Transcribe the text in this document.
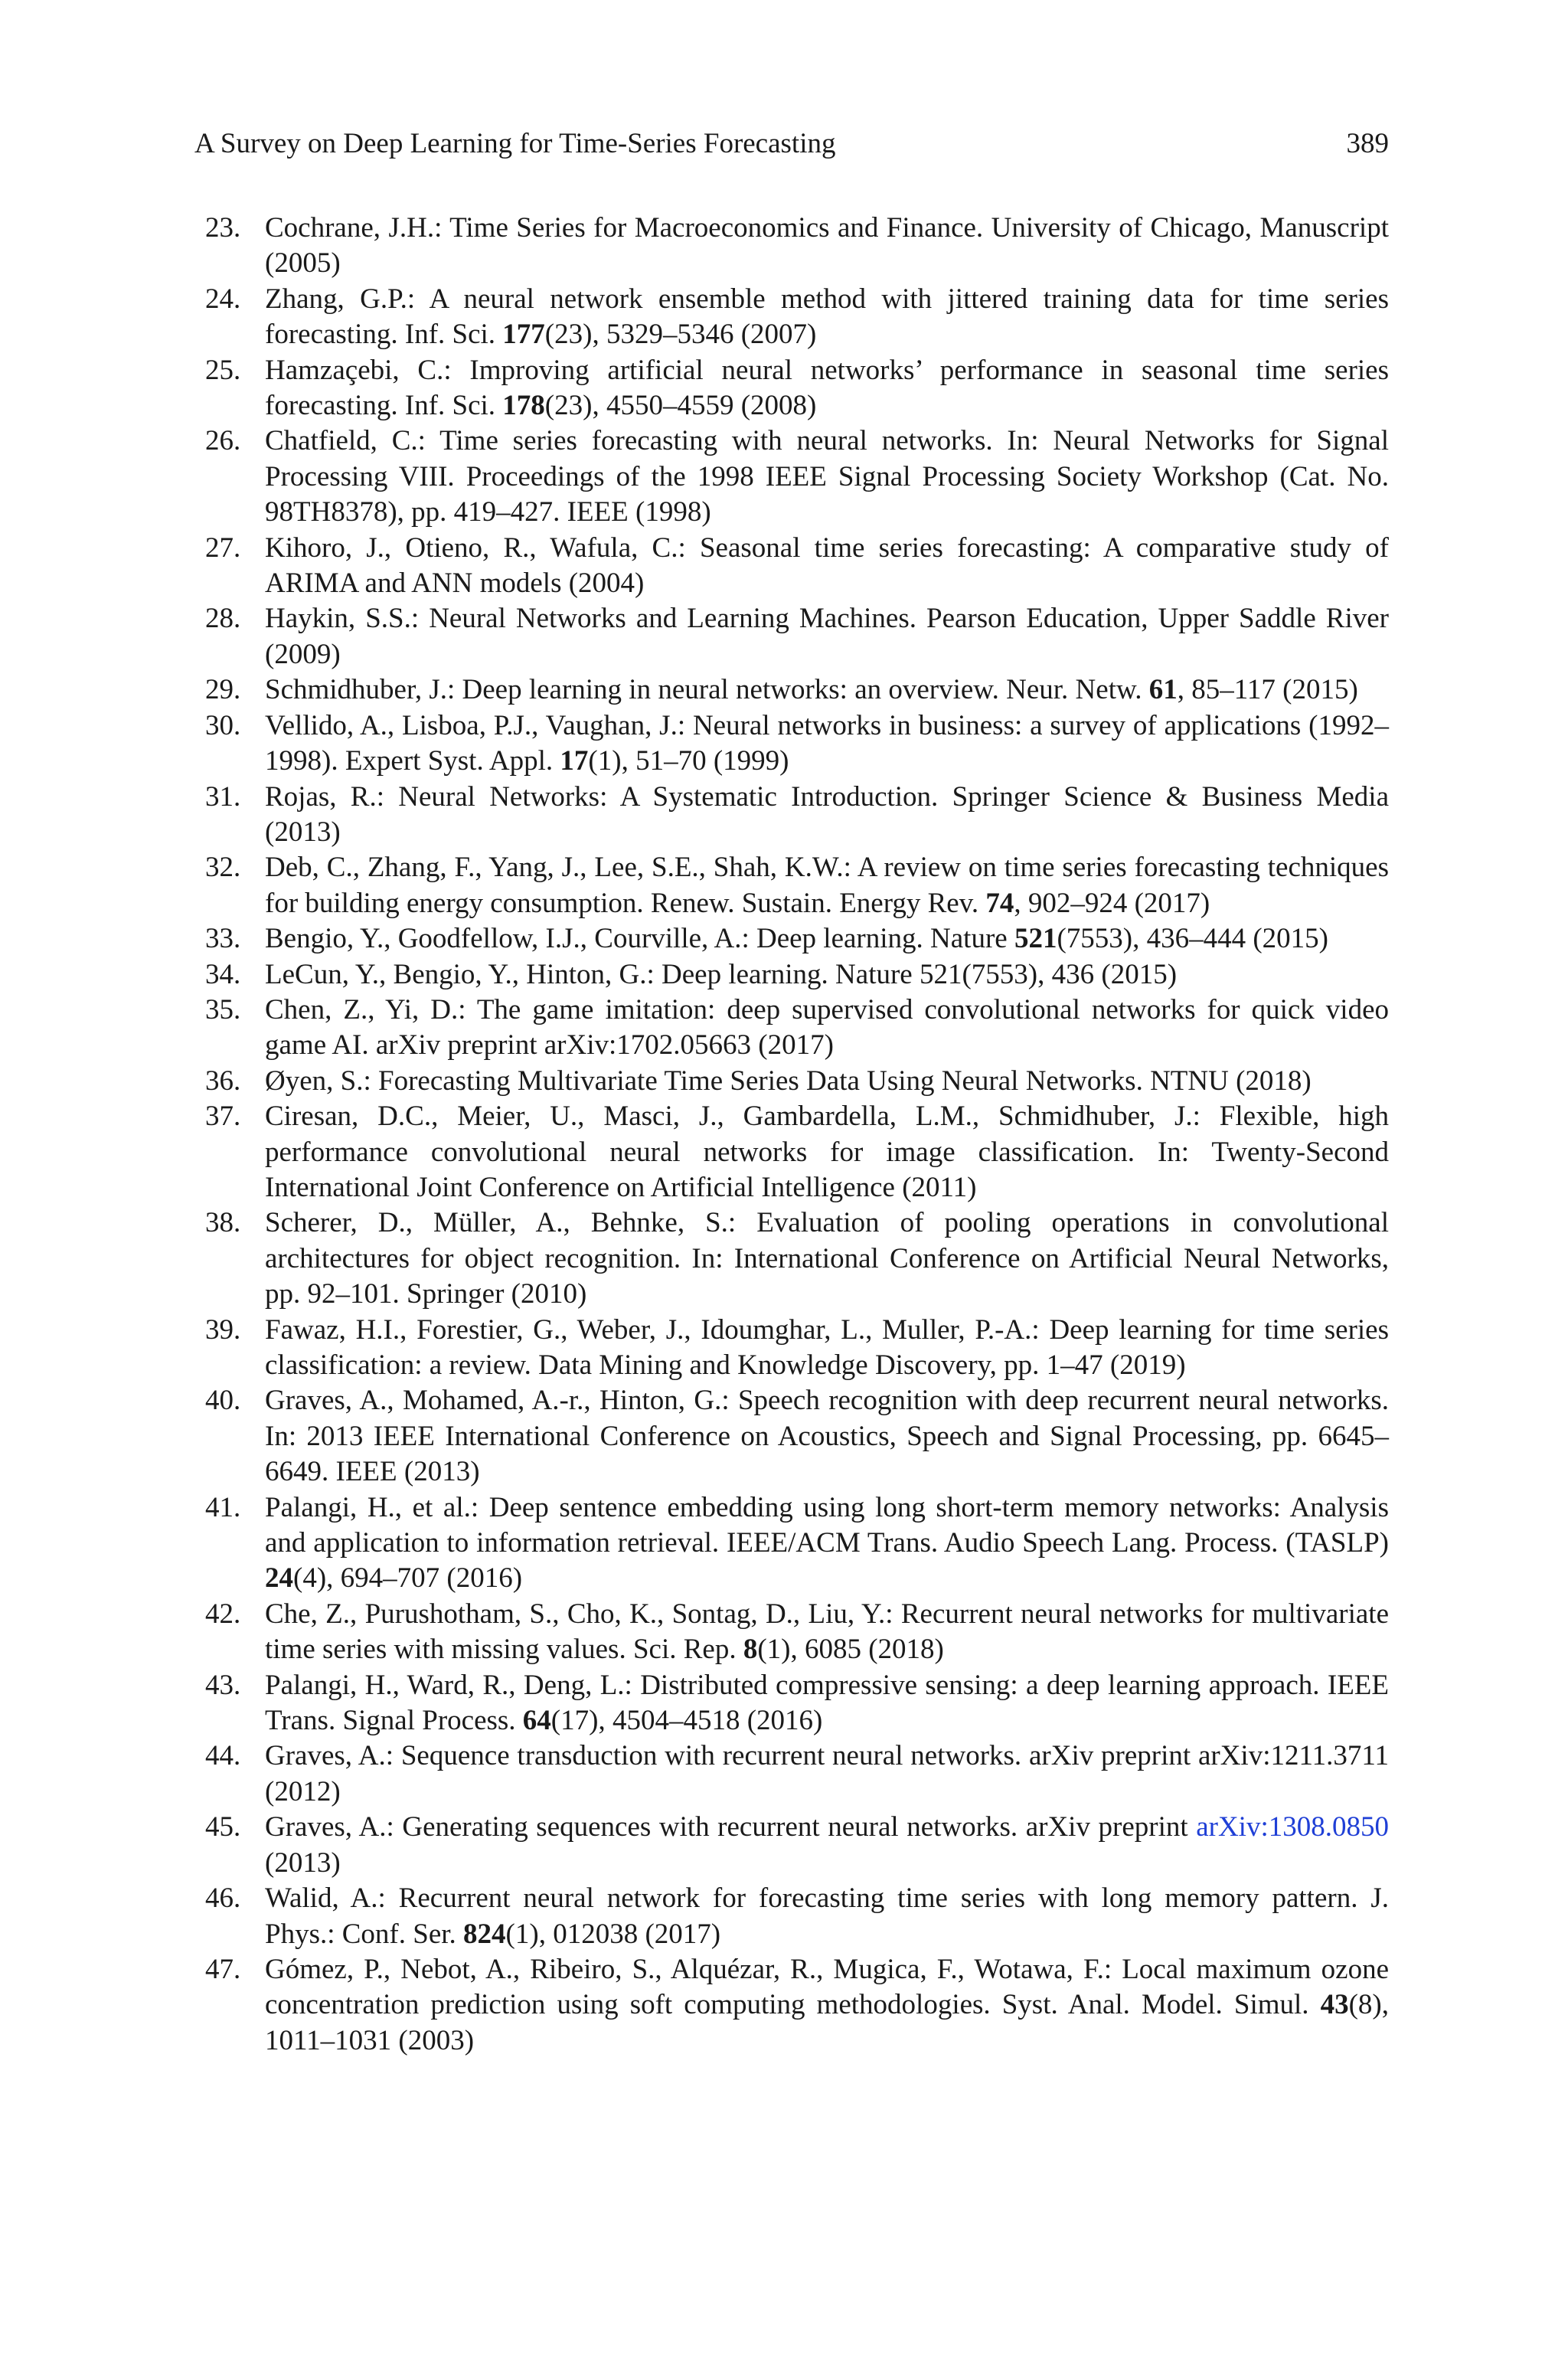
A Survey on Deep Learning for Time-Series Forecasting	389
23. Cochrane, J.H.: Time Series for Macroeconomics and Finance. University of Chicago, Manuscript (2005)
24. Zhang, G.P.: A neural network ensemble method with jittered training data for time series forecasting. Inf. Sci. 177(23), 5329–5346 (2007)
25. Hamzaçebi, C.: Improving artificial neural networks’ performance in seasonal time series forecasting. Inf. Sci. 178(23), 4550–4559 (2008)
26. Chatfield, C.: Time series forecasting with neural networks. In: Neural Networks for Signal Processing VIII. Proceedings of the 1998 IEEE Signal Processing Society Workshop (Cat. No. 98TH8378), pp. 419–427. IEEE (1998)
27. Kihoro, J., Otieno, R., Wafula, C.: Seasonal time series forecasting: A comparative study of ARIMA and ANN models (2004)
28. Haykin, S.S.: Neural Networks and Learning Machines. Pearson Education, Upper Saddle River (2009)
29. Schmidhuber, J.: Deep learning in neural networks: an overview. Neur. Netw. 61, 85–117 (2015)
30. Vellido, A., Lisboa, P.J., Vaughan, J.: Neural networks in business: a survey of applications (1992–1998). Expert Syst. Appl. 17(1), 51–70 (1999)
31. Rojas, R.: Neural Networks: A Systematic Introduction. Springer Science & Business Media (2013)
32. Deb, C., Zhang, F., Yang, J., Lee, S.E., Shah, K.W.: A review on time series forecasting techniques for building energy consumption. Renew. Sustain. Energy Rev. 74, 902–924 (2017)
33. Bengio, Y., Goodfellow, I.J., Courville, A.: Deep learning. Nature 521(7553), 436–444 (2015)
34. LeCun, Y., Bengio, Y., Hinton, G.: Deep learning. Nature 521(7553), 436 (2015)
35. Chen, Z., Yi, D.: The game imitation: deep supervised convolutional networks for quick video game AI. arXiv preprint arXiv:1702.05663 (2017)
36. Øyen, S.: Forecasting Multivariate Time Series Data Using Neural Networks. NTNU (2018)
37. Ciresan, D.C., Meier, U., Masci, J., Gambardella, L.M., Schmidhuber, J.: Flexible, high performance convolutional neural networks for image classification. In: Twenty-Second International Joint Conference on Artificial Intelligence (2011)
38. Scherer, D., Müller, A., Behnke, S.: Evaluation of pooling operations in convolutional architectures for object recognition. In: International Conference on Artificial Neural Networks, pp. 92–101. Springer (2010)
39. Fawaz, H.I., Forestier, G., Weber, J., Idoumghar, L., Muller, P.-A.: Deep learning for time series classification: a review. Data Mining and Knowledge Discovery, pp. 1–47 (2019)
40. Graves, A., Mohamed, A.-r., Hinton, G.: Speech recognition with deep recurrent neural networks. In: 2013 IEEE International Conference on Acoustics, Speech and Signal Processing, pp. 6645–6649. IEEE (2013)
41. Palangi, H., et al.: Deep sentence embedding using long short-term memory networks: Analysis and application to information retrieval. IEEE/ACM Trans. Audio Speech Lang. Process. (TASLP) 24(4), 694–707 (2016)
42. Che, Z., Purushotham, S., Cho, K., Sontag, D., Liu, Y.: Recurrent neural networks for multivariate time series with missing values. Sci. Rep. 8(1), 6085 (2018)
43. Palangi, H., Ward, R., Deng, L.: Distributed compressive sensing: a deep learning approach. IEEE Trans. Signal Process. 64(17), 4504–4518 (2016)
44. Graves, A.: Sequence transduction with recurrent neural networks. arXiv preprint arXiv:1211.3711 (2012)
45. Graves, A.: Generating sequences with recurrent neural networks. arXiv preprint arXiv:1308.0850 (2013)
46. Walid, A.: Recurrent neural network for forecasting time series with long memory pattern. J. Phys.: Conf. Ser. 824(1), 012038 (2017)
47. Gómez, P., Nebot, A., Ribeiro, S., Alquézar, R., Mugica, F., Wotawa, F.: Local maximum ozone concentration prediction using soft computing methodologies. Syst. Anal. Model. Simul. 43(8), 1011–1031 (2003)
